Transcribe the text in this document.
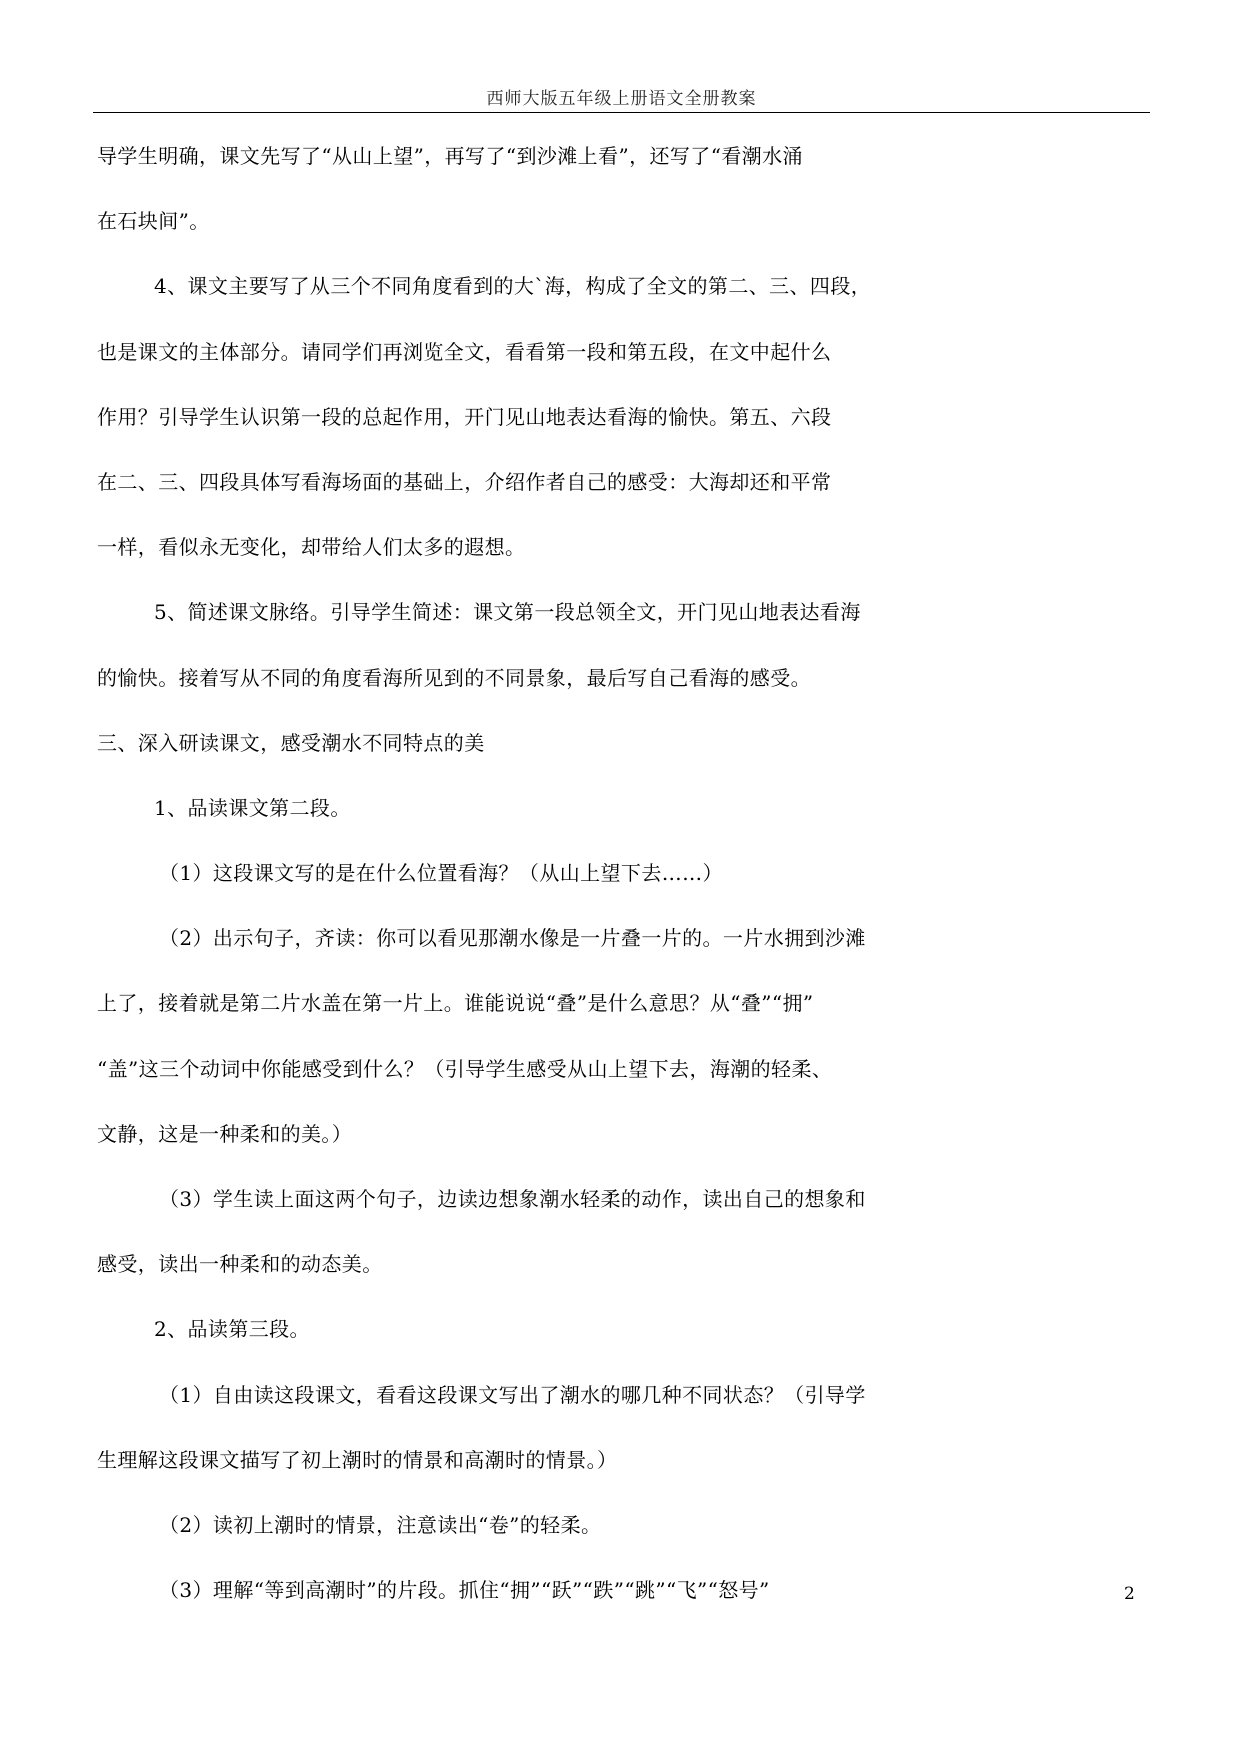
西师大版五年级上册语文全册教案
导学生明确，课文先写了“从山上望”，再写了“到沙滩上看”，还写了“看潮水涌
在石块间”。
4、课文主要写了从三个不同角度看到的大`海，构成了全文的第二、三、四段，
也是课文的主体部分。请同学们再浏览全文，看看第一段和第五段，在文中起什么
作用？引导学生认识第一段的总起作用，开门见山地表达看海的愉快。第五、六段
在二、三、四段具体写看海场面的基础上，介绍作者自己的感受：大海却还和平常
一样，看似永无变化，却带给人们太多的遐想。
5、简述课文脉络。引导学生简述：课文第一段总领全文，开门见山地表达看海
的愉快。接着写从不同的角度看海所见到的不同景象，最后写自己看海的感受。
三、深入研读课文，感受潮水不同特点的美
1、品读课文第二段。
（1）这段课文写的是在什么位置看海？（从山上望下去……）
（2）出示句子，齐读：你可以看见那潮水像是一片叠一片的。一片水拥到沙滩
上了，接着就是第二片水盖在第一片上。谁能说说“叠”是什么意思？从“叠”“拥”
“盖”这三个动词中你能感受到什么？（引导学生感受从山上望下去，海潮的轻柔、
文静，这是一种柔和的美。）
（3）学生读上面这两个句子，边读边想象潮水轻柔的动作，读出自己的想象和
感受，读出一种柔和的动态美。
2、品读第三段。
（1）自由读这段课文，看看这段课文写出了潮水的哪几种不同状态？（引导学
生理解这段课文描写了初上潮时的情景和高潮时的情景。）
（2）读初上潮时的情景，注意读出“卷”的轻柔。
（3）理解“等到高潮时”的片段。抓住“拥”“跃”“跌”“跳”“飞”“怒号”	2
